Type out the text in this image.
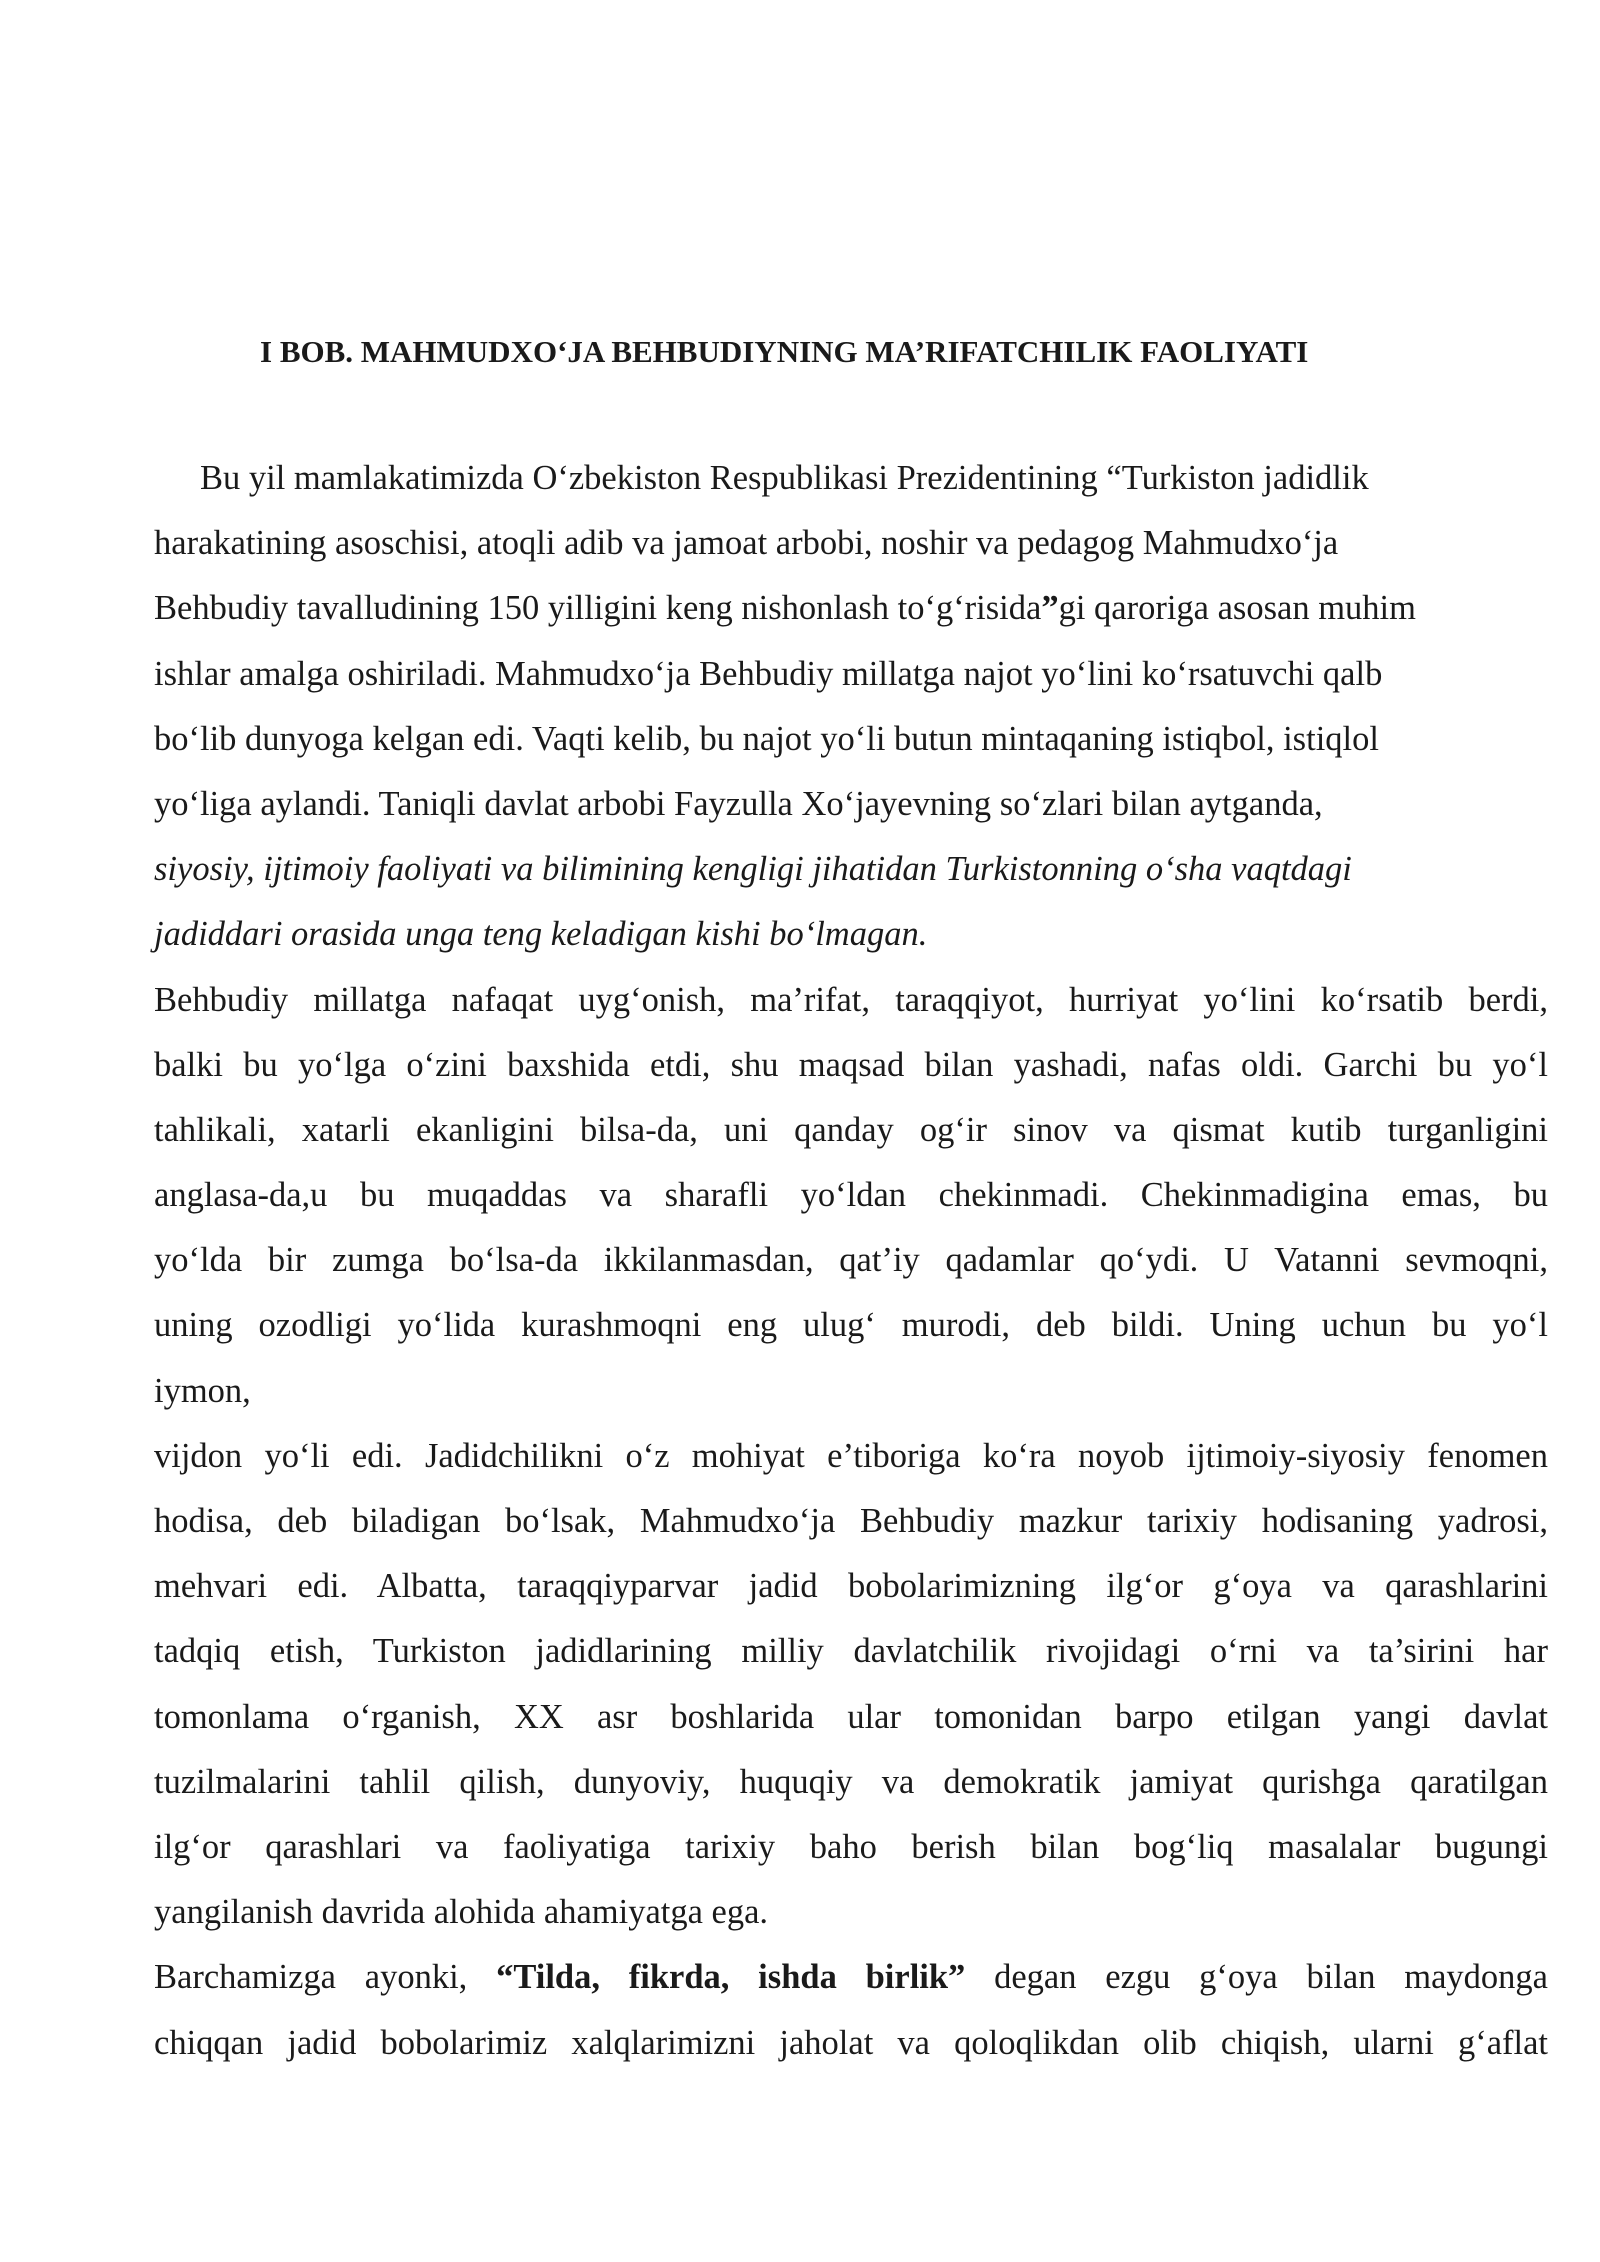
I BOB. MAHMUDXO‘JA BEHBUDIYNING MA’RIFATCHILIK FAOLIYATI
Bu yil mamlakatimizda O‘zbekiston Respublikasi Prezidentining “Turkiston jadidlik
harakatining asoschisi, atoqli adib va jamoat arbobi, noshir va pedagog Mahmudxo‘ja
Behbudiy tavalludining 150 yilligini keng nishonlash to‘g‘risida”gi qaroriga asosan muhim
ishlar amalga oshiriladi. Mahmudxo‘ja Behbudiy millatga najot yo‘lini ko‘rsatuvchi qalb
bo‘lib dunyoga kelgan edi. Vaqti kelib, bu najot yo‘li butun mintaqaning istiqbol, istiqlol
yo‘liga aylandi. Taniqli davlat arbobi Fayzulla Xo‘jayevning so‘zlari bilan aytganda,
siyosiy, ijtimoiy faoliyati va bilimining kengligi jihatidan Turkistonning o‘sha vaqtdagi
jadiddari orasida unga teng keladigan kishi bo‘lmagan.
Behbudiy millatga nafaqat uyg‘onish, ma’rifat, taraqqiyot, hurriyat yo‘lini ko‘rsatib berdi,
balki bu yo‘lga o‘zini baxshida etdi, shu maqsad bilan yashadi, nafas oldi. Garchi bu yo‘l
tahlikali, xatarli ekanligini bilsa-da, uni qanday og‘ir sinov va qismat kutib turganligini
anglasa-da,u bu muqaddas va sharafli yo‘ldan chekinmadi. Chekinmadigina emas, bu
yo‘lda bir zumga bo‘lsa-da ikkilanmasdan, qat’iy qadamlar qo‘ydi. U Vatanni sevmoqni,
uning ozodligi yo‘lida kurashmoqni eng ulug‘ murodi, deb bildi. Uning uchun bu yo‘l
iymon,
vijdon yo‘li edi. Jadidchilikni o‘z mohiyat e’tiboriga ko‘ra noyob ijtimoiy-siyosiy fenomen
hodisa, deb biladigan bo‘lsak, Mahmudxo‘ja Behbudiy mazkur tarixiy hodisaning yadrosi,
mehvari edi. Albatta, taraqqiyparvar jadid bobolarimizning ilg‘or g‘oya va qarashlarini
tadqiq etish, Turkiston jadidlarining milliy davlatchilik rivojidagi o‘rni va ta’sirini har
tomonlama o‘rganish, XX asr boshlarida ular tomonidan barpo etilgan yangi davlat
tuzilmalarini tahlil qilish, dunyoviy, huquqiy va demokratik jamiyat qurishga qaratilgan
ilg‘or qarashlari va faoliyatiga tarixiy baho berish bilan bog‘liq masalalar bugungi
yangilanish davrida alohida ahamiyatga ega.
Barchamizga ayonki, “Tilda, fikrda, ishda birlik” degan ezgu g‘oya bilan maydonga
chiqqan jadid bobolarimiz xalqlarimizni jaholat va qoloqlikdan olib chiqish, ularni g‘aflat
